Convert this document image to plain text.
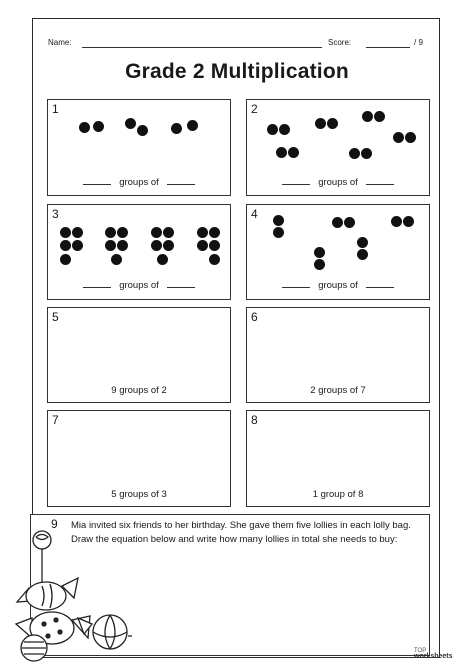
Name:	Score:	/ 9
Grade 2 Multiplication
1
groups of
2
groups of
3
groups of
4
groups of
5
9 groups of 2
6
2 groups of 7
7
5 groups of 3
8
1 group of 8
9 Mia invited six friends to her birthday. She gave them five lollies in each lolly bag. Draw the equation below and write how many lollies in total she needs to buy:
TOP
worksheets
